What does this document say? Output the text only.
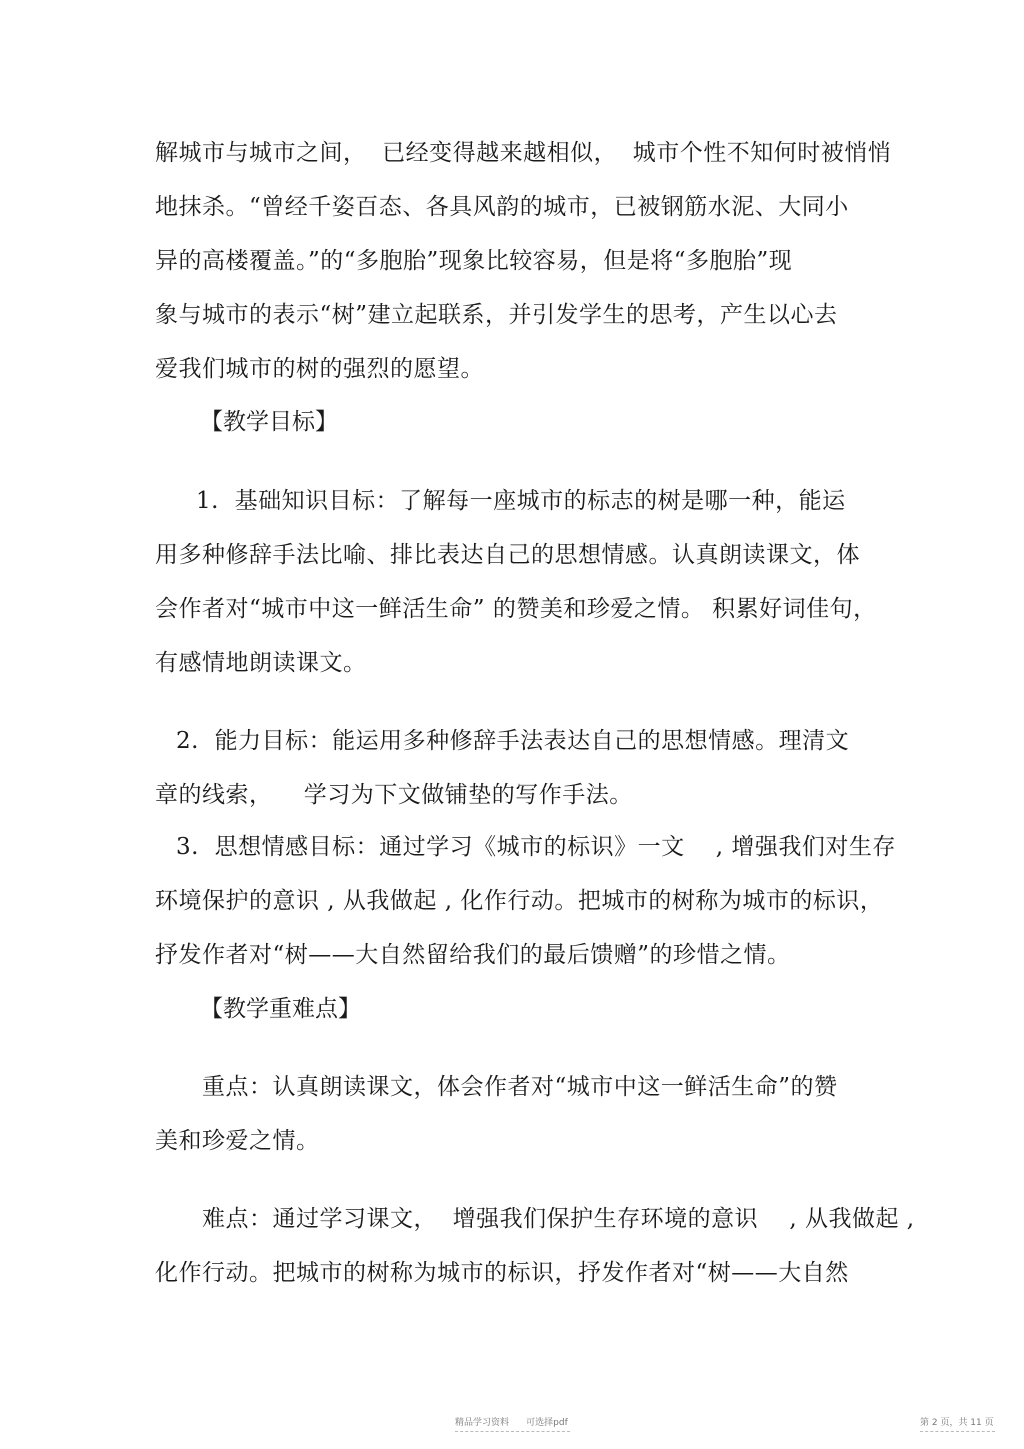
解城市与城市之间，  已经变得越来越相似，  城市个性不知何时被悄悄
地抹杀。“曾经千姿百态、各具风韵的城市，已被钢筋水泥、大同小
异的高楼覆盖。”的“多胞胎”现象比较容易，但是将“多胞胎”现
象与城市的表示“树”建立起联系，并引发学生的思考，产生以心去
爱我们城市的树的强烈的愿望。
【教学目标】
1.  基础知识目标：了解每一座城市的标志的树是哪一种，能运
用多种修辞手法比喻、排比表达自己的思想情感。认真朗读课文，体
会作者对“城市中这一鲜活生命” 的赞美和珍爱之情。 积累好词佳句，
有感情地朗读课文。
2.  能力目标：能运用多种修辞手法表达自己的思想情感。理清文
章的线索，    学习为下文做铺垫的写作手法。
3.  思想情感目标：通过学习《城市的标识》一文    , 增强我们对生存
环境保护的意识 , 从我做起 , 化作行动。把城市的树称为城市的标识，
抒发作者对“树——大自然留给我们的最后馈赠”的珍惜之情。
【教学重难点】
重点：认真朗读课文，体会作者对“城市中这一鲜活生命”的赞
美和珍爱之情。
难点：通过学习课文，  增强我们保护生存环境的意识    , 从我做起 ,
化作行动。把城市的树称为城市的标识，抒发作者对“树——大自然
精品学习资料      可选择pdf	第 2 页，共 11 页
